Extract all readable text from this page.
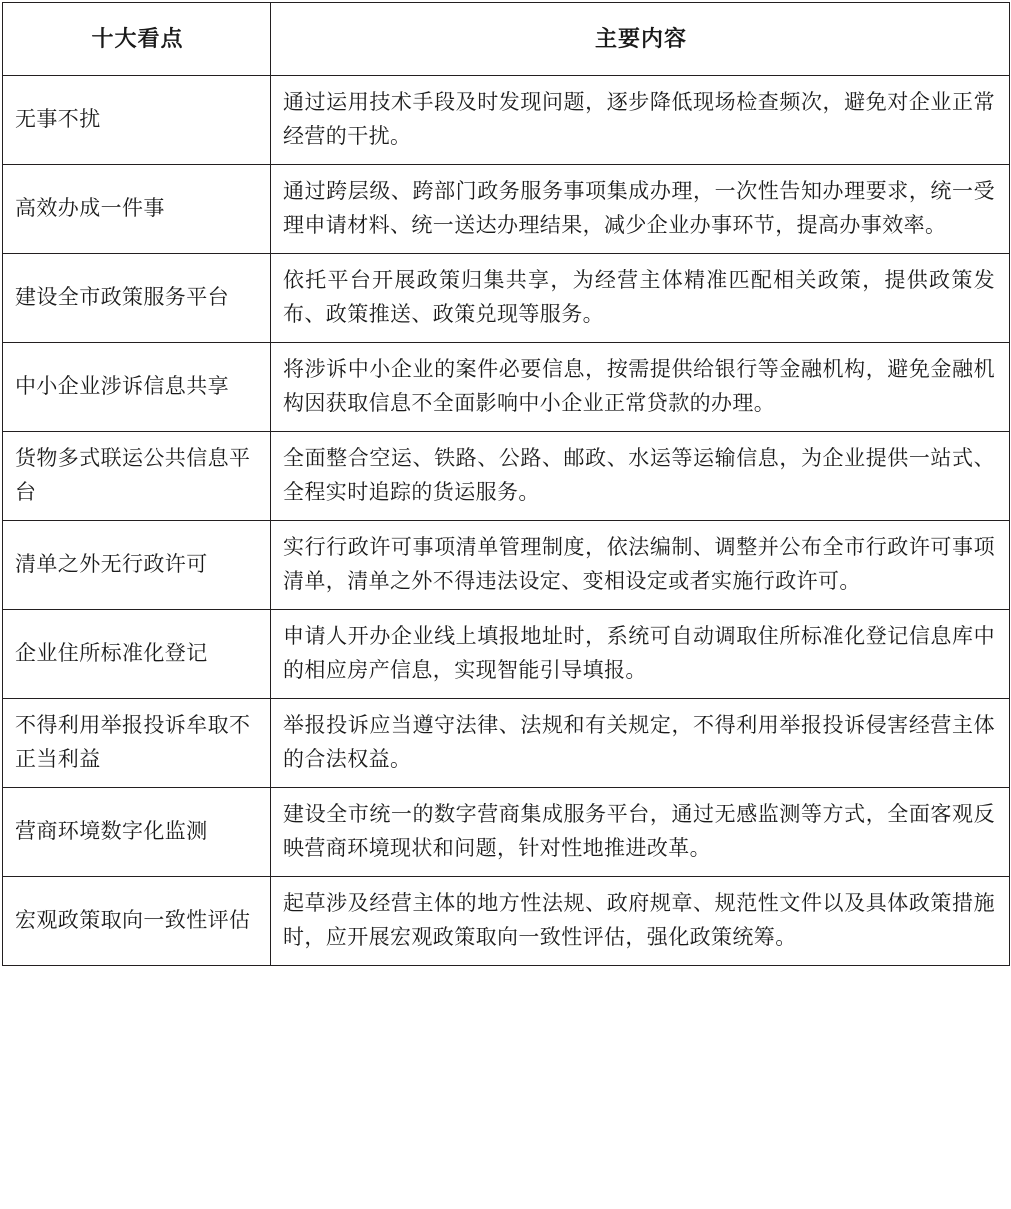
十大看点	主要内容
无事不扰	通过运用技术手段及时发现问题，逐步降低现场检查频次，避免对企业正常经营的干扰。
高效办成一件事	通过跨层级、跨部门政务服务事项集成办理，一次性告知办理要求，统一受理申请材料、统一送达办理结果，减少企业办事环节，提高办事效率。
建设全市政策服务平台	依托平台开展政策归集共享，为经营主体精准匹配相关政策，提供政策发布、政策推送、政策兑现等服务。
中小企业涉诉信息共享	将涉诉中小企业的案件必要信息，按需提供给银行等金融机构，避免金融机构因获取信息不全面影响中小企业正常贷款的办理。
货物多式联运公共信息平台	全面整合空运、铁路、公路、邮政、水运等运输信息，为企业提供一站式、全程实时追踪的货运服务。
清单之外无行政许可	实行行政许可事项清单管理制度，依法编制、调整并公布全市行政许可事项清单，清单之外不得违法设定、变相设定或者实施行政许可。
企业住所标准化登记	申请人开办企业线上填报地址时，系统可自动调取住所标准化登记信息库中的相应房产信息，实现智能引导填报。
不得利用举报投诉牟取不正当利益	举报投诉应当遵守法律、法规和有关规定，不得利用举报投诉侵害经营主体的合法权益。
营商环境数字化监测	建设全市统一的数字营商集成服务平台，通过无感监测等方式，全面客观反映营商环境现状和问题，针对性地推进改革。
宏观政策取向一致性评估	起草涉及经营主体的地方性法规、政府规章、规范性文件以及具体政策措施时，应开展宏观政策取向一致性评估，强化政策统筹。
